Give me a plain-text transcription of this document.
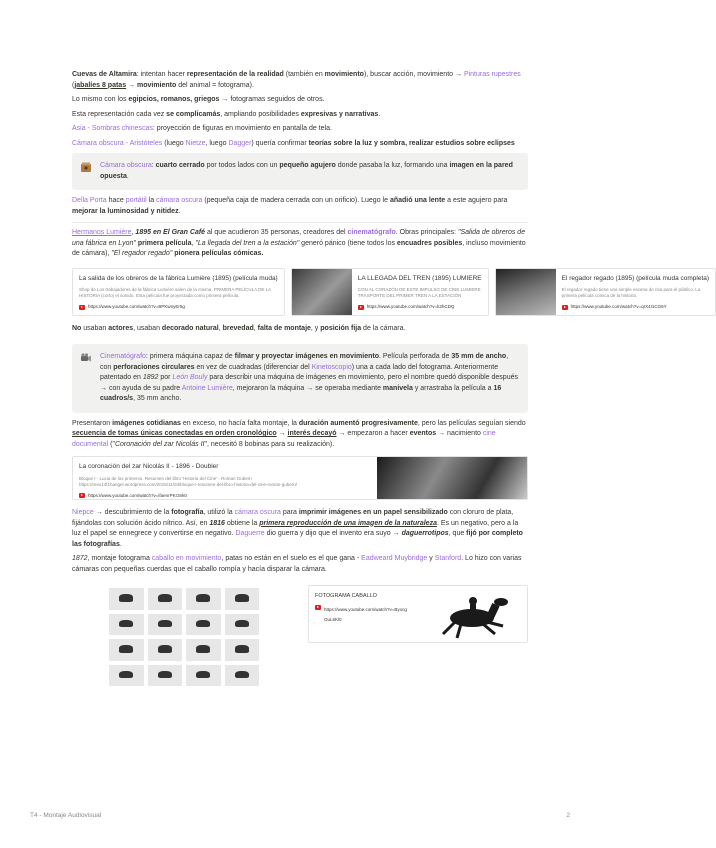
Cuevas de Altamira: intentan hacer representación de la realidad (también en movimiento), buscar acción, movimiento → Pinturas rupestres (jabalíes 8 patas → movimiento del animal = fotograma).

Lo mismo con los egipcios, romanos, griegos → fotogramas seguidos de otros.

Esta representación cada vez se complicamás, ampliando posibilidades expresivas y narrativas.

Asia - Sombras chinescas: proyección de figuras en movimiento en pantalla de tela.

Cámara obscura - Aristóteles (luego Nietze, luego Dagger) quería confirmar teorías sobre la luz y sombra, realizar estudios sobre eclipses

Cámara obscura: cuarto cerrado por todos lados con un pequeño agujero donde pasaba la luz, formando una imagen en la pared opuesta.

Della Porta hace portátil la cámara oscura (pequeña caja de madera cerrada con un orificio). Luego le añadió una lente a este agujero para mejorar la luminosidad y nitidez.

Hermanos Lumière, 1895 en El Gran Café al que acudieron 35 personas, creadores del cinematógrafo. Obras principales: "Salida de obreros de una fábrica en Lyon" primera película, "La llegada del tren a la estación" generó pánico (tiene todos los encuadres posibles, incluso movimiento de cámara), "El regador regado" pionera películas cómicas.

La salida de los obreros de la fábrica Lumière (1895) (película muda)
Shop de Los trabajadores de la fábrica Lumière salen de la misma. PRIMERA PELÍCULA DE LA HISTORIA (corto) el sonido. Esta película fue proyectada como primera película.
https://www.youtube.com/watch?v=BPKwnyEr5g
LA LLEGADA DEL TREN (1895) LUMIERE
CON AL CORAZÓN DE ESTE IMPULSO DE CINE LUMIERE TRASPORTE DEL PRIMER TREN A LA ESTACIÓN
https://www.youtube.com/watch?v=k2hCDQ
El regador regado (1895) (película muda completa)
El regador regado tiene una simple escena de risa para el público. La primera película cómica de la historia.
https://www.youtube.com/watch?v=qrX4I1CG6Y

No usaban actores, usaban decorado natural, brevedad, falta de montaje, y posición fija de la cámara.

Cinematógrafo: primera máquina capaz de filmar y proyectar imágenes en movimiento. Película perforada de 35 mm de ancho, con perforaciones circulares en vez de cuadradas (diferenciar del Kinetoscopio) una a cada lado del fotograma. Anteriormente patentado en 1892 por León Bouly para describir una máquina de imágenes en movimiento, pero el nombre quedó disponible después → con ayuda de su padre Antoine Lumière, mejoraron la máquina → se operaba mediante manivela y arrastraba la película a 16 cuadros/s, 35 mm ancho.

Presentaron imágenes cotidianas en exceso, no hacía falta montaje, la duración aumentó progresivamente, pero las películas seguían siendo secuencia de tomas únicas conectadas en orden cronológico → interés decayó → empezaron a hacer eventos → nacimiento cine documental ("Coronación del zar Nicolás II", necesitó 8 bobinas para su realización).

La coronación del zar Nicolás II - 1896 - Doubler
Bloque I - Lucia de los primeros. Resumen del libro 'Historia del Cine' - Roman Gubern
https://resu14f1hanger.wordpress.com/2015/11/03/bloque-i-resumen-del-libro-historia-del-cine-roman-gubern/
https://www.youtube.com/watch?v=ifaenrPKr3nk0

Niepce → descubrimiento de la fotografía, utilizó la cámara oscura para imprimir imágenes en un papel sensibilizado con cloruro de plata, fijándolas con solución ácido nítrico. Así, en 1816 obtiene la primera reproducción de una imagen de la naturaleza. Es un negativo, pero a la luz el papel se ennegrece y convertirse en negativo. Daguerre dio guerra y dijo que el invento era suyo → daguerrotipos, que fijó por completo las fotografías.

1872, montaje fotograma caballo en movimiento, patas no están en el suelo es el que gana - Eadweard Muybridge y Stanford. Lo hizo con varias cámaras con pequeñas cuerdas que el caballo rompía y hacía disparar la cámara.

FOTOGRAMA CABALLO
https://www.youtube.com/watch?v=Byocg OuL6Kl0
T4 - Montaje Audiovisual	2
